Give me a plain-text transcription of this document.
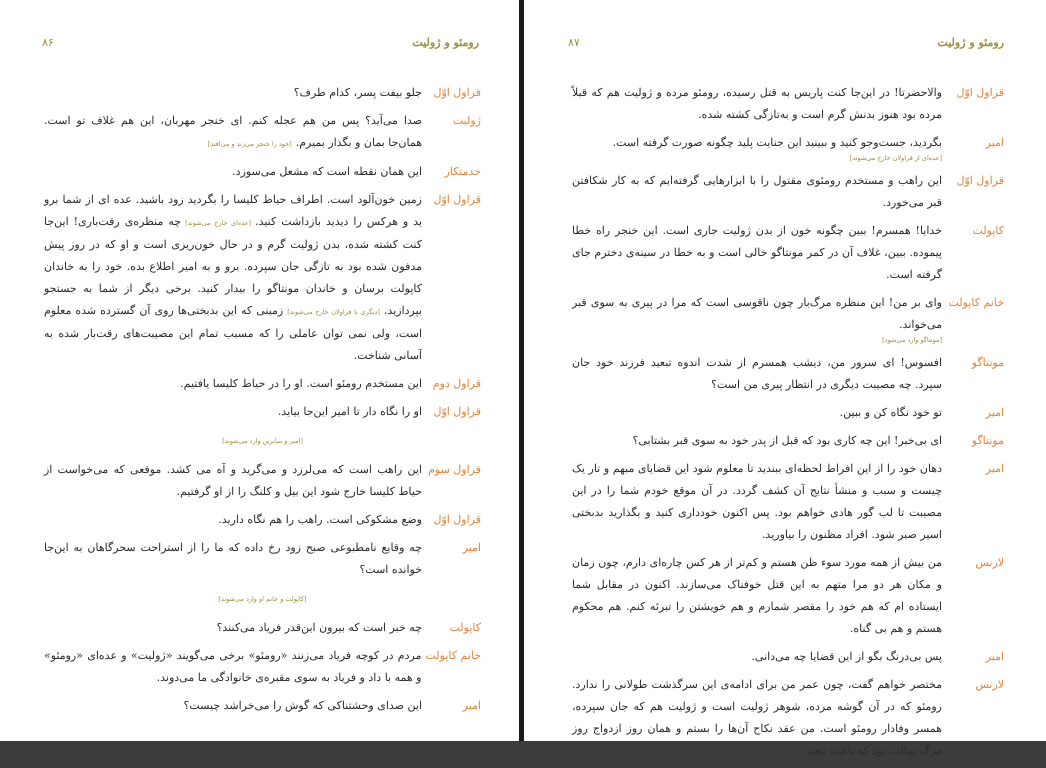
رومئو و ژولیت
۸۶
قراول اوّل
جلو بیفت پسر، کدام طرف؟
ژولیت
صدا می‌آید؟ پس من هم عجله کنم. ای خنجر مهربان، این هم غلاف تو است. همان‌جا بمان و بگذار بمیرم.[خود را خنجر می‌زند و می‌افتد]
خدمتکار
این همان نقطه است که مشعل می‌سوزد.
قراول اوّل
زمین خون‌آلود است. اطراف حیاط کلیسا را بگردید زود باشید. عده ای از شما برو ید و هرکس را دیدید بازداشت کنید.[عده‌ای خارج می‌شوند]چه منظره‌ی رقت‌باری! این‌جا کنت کشته شده، بدن ژولیت گرم و در حال خون‌ریزی است و او که در روز پیش مدفون شده بود به تازگی جان سپرده. برو و به امیر اطلاع بده. خود را به خاندان کاپولت برسان و خاندان مونتاگو را بیدار کنید. برخی دیگر از شما به جستجو بپردازید.[دیگری با قراولان خارج می‌شوند]زمینی که این بدبختی‌ها روی آن گسترده شده معلوم است، ولی نمی توان عاملی را که مسبب تمام این مصیبت‌های رقت‌بار شده به آسانی شناخت.
قراول دوم
این مستخدم رومئو است. او را در حیاط کلیسا یافتیم.
قراول اوّل
او را نگاه دار تا امیر این‌جا بیاید.
[امیر و سایرین وارد می‌شوند]
قراول سوم
این راهب است که می‌لرزد و می‌گرید و آه می کشد. موقعی که می‌خواست از حیاط کلیسا خارج شود این بیل و کلنگ را از او گرفتیم.
قراول اوّل
وضع مشکوکی است. راهب را هم نگاه دارید.
امیر
چه وقایع نامطبوعی صبح زود رخ داده که ما را از استراحت سحرگاهان به این‌جا خوانده است؟
[کاپولت و خانم او وارد می‌شوند]
کاپولت
چه خبر است که بیرون این‌قدر فریاد می‌کنند؟
خانم کاپولت
مردم در کوچه فریاد می‌زنند «رومئو» برخی می‌گویند «ژولیت» و عده‌ای «رومئو» و همه با داد و فریاد به سوی مقبره‌ی خانوادگی ما می‌دوند.
امیر
این صدای وحشتناکی که گوش را می‌خراشد چیست؟
رومئو و ژولیت
۸۷
قراول اوّل
والاحضرتا! در این‌جا کنت پاریس به قتل رسیده، رومئو مرده و ژولیت هم که قبلاً مرده بود هنوز بدنش گرم است و به‌تازگی کشته شده.
امیر
بگردید، جست‌وجو کنید و ببینید این جنایت پلید چگونه صورت گرفته است.
[عده‌ای از قراولان خارج می‌شوند]
قراول اوّل
این راهب و مستخدم رومئوی مقتول را با ابزارهایی گرفته‌ایم که به کار شکافتن قبر می‌خورد.
کاپولت
خدایا! همسرم! ببین چگونه خون از بدن ژولیت جاری است. این خنجر راه خطا پیموده. ببین، غلاف آن در کمر مونتاگو خالی است و به خطا در سینه‌ی دخترم جای گرفته است.
خانم کاپولت
وای بر من! این منظره مرگ‌بار چون ناقوسی است که مرا در پیری به سوی قبر می‌خواند.
[مونتاگو وارد می‌شود]
مونتاگو
افسوس! ای سرور من، دیشب همسرم از شدت اندوه تبعید فرزند خود جان سپرد. چه مصیبت دیگری در انتظار پیری من است؟
امیر
تو خود نگاه کن و ببین.
مونتاگو
ای بی‌خبر! این چه کاری بود که قبل از پدر خود به سوی قبر بشتابی؟
امیر
دهان خود را از این افراط لحظه‌ای ببندید تا معلوم شود این قضایای مبهم و تار یک چیست و سبب و منشأ نتایج آن کشف گردد. در آن موقع خودم شما را در این مصیبت تا لب گور هادی خواهم بود. پس اکنون خودداری کنید و بگذارید بدبختی اسیر صبر شود. افراد مظنون را بیاورید.
لارنس
من بیش از همه مورد سوء ظن هستم و کم‌تر از هر کس چاره‌ای دارم، چون زمان و مکان هر دو مرا متهم به این قتل خوفناک می‌سازند. اکنون در مقابل شما ایستاده ام که هم خود را مقصر شمارم و هم خویشتن را تبرئه کنم. هم محکوم هستم و هم بی گناه.
امیر
پس بی‌درنگ بگو از این قضایا چه می‌دانی.
لارنس
مختصر خواهم گفت، چون عمر من برای ادامه‌ی این سرگذشت طولانی را ندارد. رومئو که در آن گوشه مرده، شوهر ژولیت است و ژولیت هم که جان سپرده، همسر وفادار رومئو است. من عقد نکاح آن‌ها را بستم و همان روز ازدواج روز مرگ تیبالت بود که باعث تبعید
